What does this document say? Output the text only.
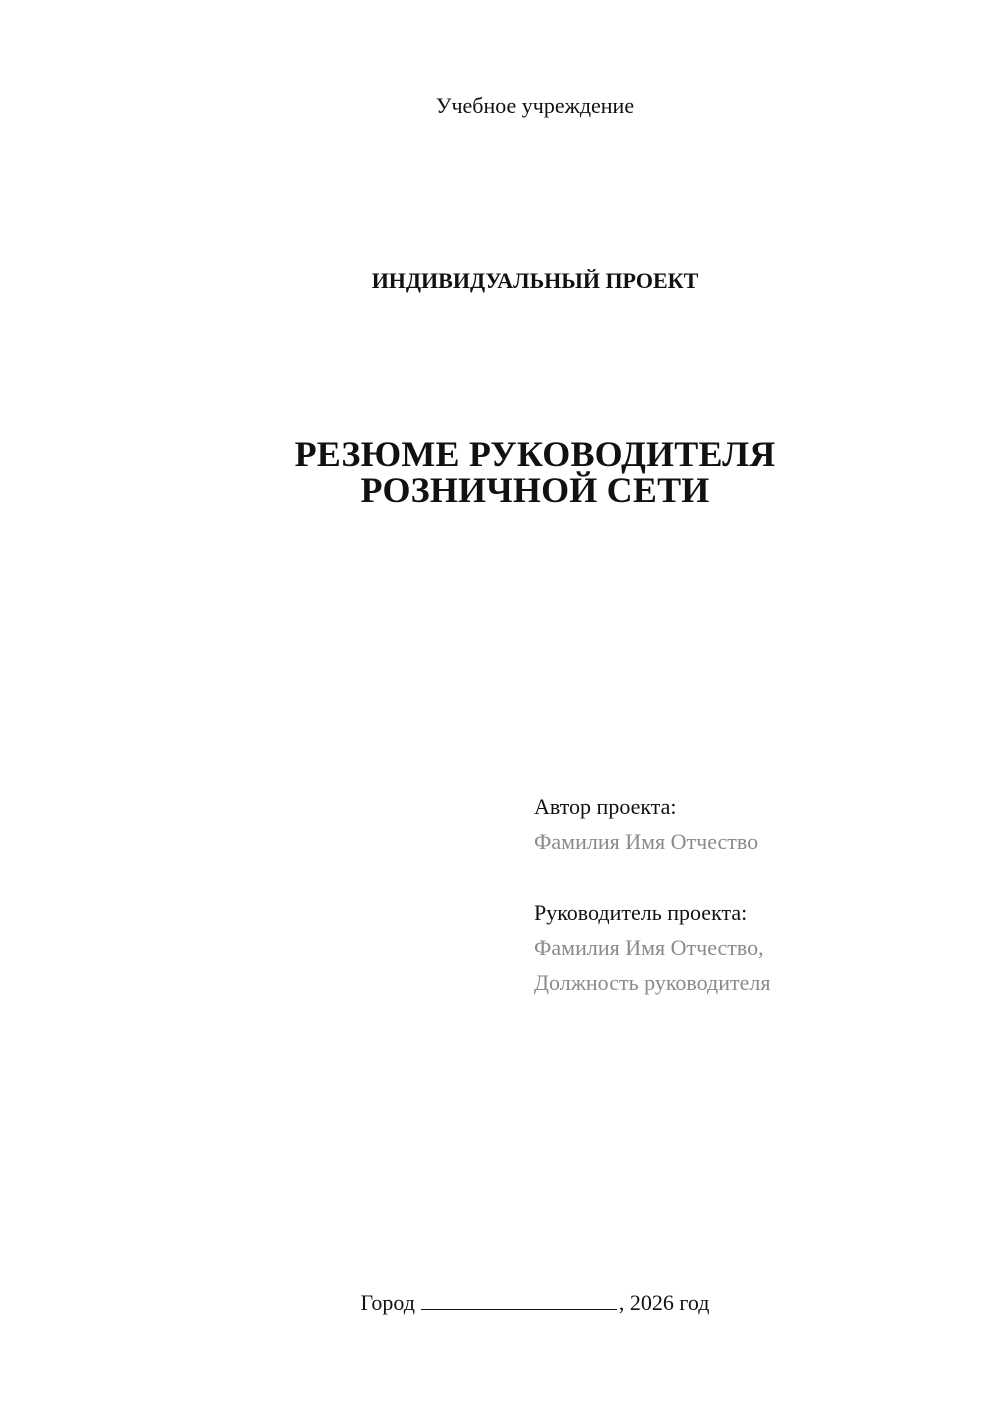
Учебное учреждение
ИНДИВИДУАЛЬНЫЙ ПРОЕКТ
РЕЗЮМЕ РУКОВОДИТЕЛЯ
РОЗНИЧНОЙ СЕТИ
Автор проекта:
Фамилия Имя Отчество
Руководитель проекта:
Фамилия Имя Отчество,
Должность руководителя
Город	, 2026 год
